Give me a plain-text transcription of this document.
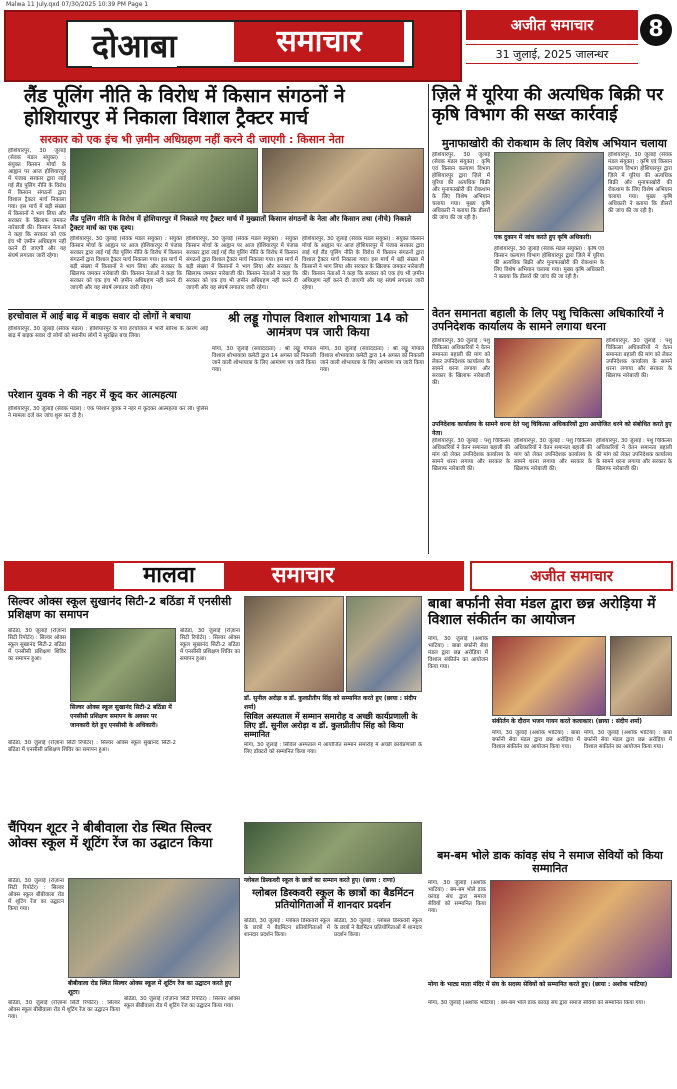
Malwa 11 July.qxd 07/30/2025 10:39 PM Page 1
दोआबा	समाचार	अजीत समाचार
31 जुलाई, 2025 जालन्धर
8
लैंड पूलिंग नीति के विरोध में किसान संगठनों ने होशियारपुर में निकाला विशाल ट्रैक्टर मार्च
सरकार को एक इंच भी ज़मीन अधिग्रहण नहीं करने दी जाएगी : किसान नेता
होशियारपुर, 30 जुलाई (सेवक मंडल संयुक्त) : संयुक्त किसान मोर्चा के आह्वान पर आज होशियारपुर में पंजाब सरकार द्वारा लाई गई लैंड पूलिंग नीति के विरोध में किसान संगठनों द्वारा विशाल ट्रैक्टर मार्च निकाला गया। इस मार्च में बड़ी संख्या में किसानों ने भाग लिया और सरकार के खिलाफ जमकर नारेबाजी की। किसान नेताओं ने कहा कि सरकार को एक इंच भी ज़मीन अधिग्रहण नहीं करने दी जाएगी और यह संघर्ष लगातार जारी रहेगा।
लैंड पूलिंग नीति के विरोध में होशियारपुर में निकाले गए ट्रैक्टर मार्च में मुख्यातों किसान संगठनों के नेता और किसान तथा (नीचे) निकाले ट्रैक्टर मार्च का एक दृश्य।
होशियारपुर, 30 जुलाई (सेवक मंडल संयुक्त) : संयुक्त किसान मोर्चा के आह्वान पर आज होशियारपुर में पंजाब सरकार द्वारा लाई गई लैंड पूलिंग नीति के विरोध में किसान संगठनों द्वारा विशाल ट्रैक्टर मार्च निकाला गया। इस मार्च में बड़ी संख्या में किसानों ने भाग लिया और सरकार के खिलाफ जमकर नारेबाजी की। किसान नेताओं ने कहा कि सरकार को एक इंच भी ज़मीन अधिग्रहण नहीं करने दी जाएगी और यह संघर्ष लगातार जारी रहेगा।
होशियारपुर, 30 जुलाई (सेवक मंडल संयुक्त) : संयुक्त किसान मोर्चा के आह्वान पर आज होशियारपुर में पंजाब सरकार द्वारा लाई गई लैंड पूलिंग नीति के विरोध में किसान संगठनों द्वारा विशाल ट्रैक्टर मार्च निकाला गया। इस मार्च में बड़ी संख्या में किसानों ने भाग लिया और सरकार के खिलाफ जमकर नारेबाजी की। किसान नेताओं ने कहा कि सरकार को एक इंच भी ज़मीन अधिग्रहण नहीं करने दी जाएगी और यह संघर्ष लगातार जारी रहेगा।
होशियारपुर, 30 जुलाई (सेवक मंडल संयुक्त) : संयुक्त किसान मोर्चा के आह्वान पर आज होशियारपुर में पंजाब सरकार द्वारा लाई गई लैंड पूलिंग नीति के विरोध में किसान संगठनों द्वारा विशाल ट्रैक्टर मार्च निकाला गया। इस मार्च में बड़ी संख्या में किसानों ने भाग लिया और सरकार के खिलाफ जमकर नारेबाजी की। किसान नेताओं ने कहा कि सरकार को एक इंच भी ज़मीन अधिग्रहण नहीं करने दी जाएगी और यह संघर्ष लगातार जारी रहेगा।
ज़िले में यूरिया की अत्यधिक बिक्री पर कृषि विभाग की सख्त कार्रवाई
मुनाफाखोरी की रोकथाम के लिए विशेष अभियान चलाया
होशियारपुर, 30 जुलाई (सेवक मंडल संयुक्त) : कृषि एवं किसान कल्याण विभाग होशियारपुर द्वारा ज़िले में यूरिया की अत्यधिक बिक्री और मुनाफाखोरी की रोकथाम के लिए विशेष अभियान चलाया गया। मुख्य कृषि अधिकारी ने बताया कि डीलरों की जांच की जा रही है।
एक दुकान में जांच करते हुए कृषि अधिकारी।
होशियारपुर, 30 जुलाई (सेवक मंडल संयुक्त) : कृषि एवं किसान कल्याण विभाग होशियारपुर द्वारा ज़िले में यूरिया की अत्यधिक बिक्री और मुनाफाखोरी की रोकथाम के लिए विशेष अभियान चलाया गया। मुख्य कृषि अधिकारी ने बताया कि डीलरों की जांच की जा रही है।
होशियारपुर, 30 जुलाई (सेवक मंडल संयुक्त) : कृषि एवं किसान कल्याण विभाग होशियारपुर द्वारा ज़िले में यूरिया की अत्यधिक बिक्री और मुनाफाखोरी की रोकथाम के लिए विशेष अभियान चलाया गया। मुख्य कृषि अधिकारी ने बताया कि डीलरों की जांच की जा रही है।
हरचोवाल में आई बाढ़ में बाइक सवार दो लोगों ने बचाया
होशियारपुर, 30 जुलाई (सेवक मंडल) : होशियारपुर के गांव हरचोवाल में भारी बारिश के कारण आई बाढ़ में बाइक सवार दो लोगों को स्थानीय लोगों ने सुरक्षित बचा लिया।
परेशान युवक ने की नहर में कूद कर आत्महत्या
होशियारपुर, 30 जुलाई (सेवक मंडल) : एक परेशान युवक ने नहर में कूदकर आत्महत्या कर ली। पुलिस ने मामला दर्ज कर जांच शुरू कर दी है।
श्री लड्डू गोपाल विशाल शोभायात्रा 14 को आमंत्रण पत्र जारी किया
मोगा, 30 जुलाई (संवाददाता) : श्री लड्डू गोपाल विशाल शोभायात्रा कमेटी द्वारा 14 अगस्त को निकाली जाने वाली शोभायात्रा के लिए आमंत्रण पत्र जारी किया गया।
मोगा, 30 जुलाई (संवाददाता) : श्री लड्डू गोपाल विशाल शोभायात्रा कमेटी द्वारा 14 अगस्त को निकाली जाने वाली शोभायात्रा के लिए आमंत्रण पत्र जारी किया गया।
वेतन समानता बहाली के लिए पशु चिकित्सा अधिकारियों ने उपनिदेशक कार्यालय के सामने लगाया धरना
होशियारपुर, 30 जुलाई : पशु चिकित्सा अधिकारियों ने वेतन समानता बहाली की मांग को लेकर उपनिदेशक कार्यालय के सामने धरना लगाया और सरकार के खिलाफ नारेबाजी की।
उपनिदेशक कार्यालय के सामने धरना देते पशु चिकित्सा अधिकारियों द्वारा आयोजित धरने को संबोधित करते हुए नेता।
होशियारपुर, 30 जुलाई : पशु चिकित्सा अधिकारियों ने वेतन समानता बहाली की मांग को लेकर उपनिदेशक कार्यालय के सामने धरना लगाया और सरकार के खिलाफ नारेबाजी की।
होशियारपुर, 30 जुलाई : पशु चिकित्सा अधिकारियों ने वेतन समानता बहाली की मांग को लेकर उपनिदेशक कार्यालय के सामने धरना लगाया और सरकार के खिलाफ नारेबाजी की।
होशियारपुर, 30 जुलाई : पशु चिकित्सा अधिकारियों ने वेतन समानता बहाली की मांग को लेकर उपनिदेशक कार्यालय के सामने धरना लगाया और सरकार के खिलाफ नारेबाजी की।
होशियारपुर, 30 जुलाई : पशु चिकित्सा अधिकारियों ने वेतन समानता बहाली की मांग को लेकर उपनिदेशक कार्यालय के सामने धरना लगाया और सरकार के खिलाफ नारेबाजी की।
मालवा	समाचार	अजीत समाचार
सिल्वर ओक्स स्कूल सुखानंद सिटी-2 बठिंडा में एनसीसी प्रशिक्षण का समापन
बठिंडा, 30 जुलाई (रोज़ाना सिटी रिपोर्टर) : सिल्वर ओक्स स्कूल सुखानंद सिटी-2 बठिंडा में एनसीसी प्रशिक्षण शिविर का समापन हुआ।
सिल्वर ओक्स स्कूल सुखानंद सिटी-2 बठिंडा में एनसीसी प्रशिक्षण समापन के अवसर पर जानकारी देते हुए एनसीसी के अधिकारी।
बठिंडा, 30 जुलाई (रोज़ाना सिटी रिपोर्टर) : सिल्वर ओक्स स्कूल सुखानंद सिटी-2 बठिंडा में एनसीसी प्रशिक्षण शिविर का समापन हुआ।
बठिंडा, 30 जुलाई (रोज़ाना सिटी रिपोर्टर) : सिल्वर ओक्स स्कूल सुखानंद सिटी-2 बठिंडा में एनसीसी प्रशिक्षण शिविर का समापन हुआ।
डॉ. सुनील अरोड़ा व डॉ. कुलप्रीतीप सिंह को सम्मानित करते हुए (छाया : संदीप शर्मा)
सिविल अस्पताल में सम्मान समारोह व अच्छी कार्यप्रणाली के लिए डॉ. सुनील अरोड़ा व डॉ. कुलप्रीतीप सिंह को किया सम्मानित
मोगा, 30 जुलाई : सिविल अस्पताल में आयोजित सम्मान समारोह में अच्छी कार्यप्रणाली के लिए डॉक्टरों को सम्मानित किया गया।
बाबा बर्फानी सेवा मंडल द्वारा छन्न अरोड़िया में विशाल संकीर्तन का आयोजन
मोगा, 30 जुलाई (अशोक भाटिया) : बाबा बर्फानी सेवा मंडल द्वारा छन्न अरोड़िया में विशाल संकीर्तन का आयोजन किया गया।
संकीर्तन के दौरान भजन गायन करते कलाकार। (छाया : संदीप शर्मा)
मोगा, 30 जुलाई (अशोक भाटिया) : बाबा बर्फानी सेवा मंडल द्वारा छन्न अरोड़िया में विशाल संकीर्तन का आयोजन किया गया।
मोगा, 30 जुलाई (अशोक भाटिया) : बाबा बर्फानी सेवा मंडल द्वारा छन्न अरोड़िया में विशाल संकीर्तन का आयोजन किया गया।
चैंपियन शूटर ने बीबीवाला रोड स्थित सिल्वर ओक्स स्कूल में शूटिंग रेंज का उद्घाटन किया
बठिंडा, 30 जुलाई (रोज़ाना सिटी रिपोर्टर) : सिल्वर ओक्स स्कूल बीबीवाला रोड में शूटिंग रेंज का उद्घाटन किया गया।
बीबीवाला रोड स्थित सिल्वर ओक्स स्कूल में शूटिंग रेंज का उद्घाटन करते हुए शूटर।
बठिंडा, 30 जुलाई (रोज़ाना सिटी रिपोर्टर) : सिल्वर ओक्स स्कूल बीबीवाला रोड में शूटिंग रेंज का उद्घाटन किया गया।
बठिंडा, 30 जुलाई (रोज़ाना सिटी रिपोर्टर) : सिल्वर ओक्स स्कूल बीबीवाला रोड में शूटिंग रेंज का उद्घाटन किया गया।
ग्लोबल डिस्कवरी स्कूल के छात्रों का सम्मान करते हुए। (छाया : राणा)
ग्लोबल डिस्कवरी स्कूल के छात्रों का बैडमिंटन प्रतियोगिताओं में शानदार प्रदर्शन
बठिंडा, 30 जुलाई : ग्लोबल डिस्कवरी स्कूल के छात्रों ने बैडमिंटन प्रतियोगिताओं में शानदार प्रदर्शन किया।
बठिंडा, 30 जुलाई : ग्लोबल डिस्कवरी स्कूल के छात्रों ने बैडमिंटन प्रतियोगिताओं में शानदार प्रदर्शन किया।
बम-बम भोले डाक कांवड़ संघ ने समाज सेवियों को किया सम्मानित
मोगा, 30 जुलाई (अशोक भाटिया) : बम-बम भोले डाक कांवड़ संघ द्वारा समाज सेवियों को सम्मानित किया गया।
मोगा के भाट्य माता मंदिर में संघ के सदस्य सेवियों को सम्मानित करते हुए। (छाया : अशोक भाटिया)
मोगा, 30 जुलाई (अशोक भाटिया) : बम-बम भोले डाक कांवड़ संघ द्वारा समाज सेवियों को सम्मानित किया गया।
